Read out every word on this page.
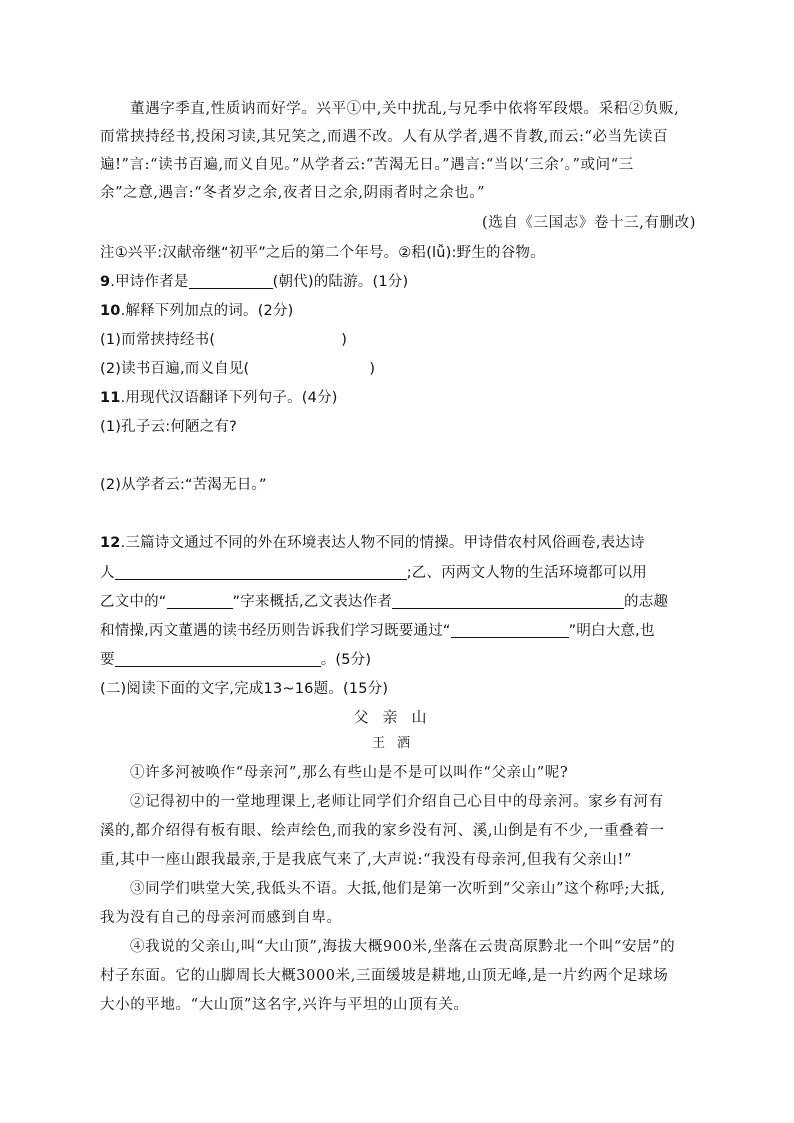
董遇字季直,性质讷而好学。兴平①中,关中扰乱,与兄季中依将军段煨。采稆②负贩,
而常挟持经书,投闲习读,其兄笑之,而遇不改。人有从学者,遇不肯教,而云:“必当先读百
遍!”言:“读书百遍,而义自见。”从学者云:“苦渴无日。”遇言:“当以‘三余’。”或问“三
余”之意,遇言:“冬者岁之余,夜者日之余,阴雨者时之余也。”
(选自《三国志》卷十三,有删改)
注①兴平:汉献帝继“初平”之后的第二个年号。②稆(lǚ):野生的谷物。
9.甲诗作者是	(朝代)的陆游。(1分)
10.解释下列加点的词。(2分)
(1)而常挟持经书(	)
(2)读书百遍,而义自见(	)
11.用现代汉语翻译下列句子。(4分)
(1)孔子云:何陋之有?
(2)从学者云:“苦渴无日。”
12.三篇诗文通过不同的外在环境表达人物不同的情操。甲诗借农村风俗画卷,表达诗
人	;乙、丙两文人物的生活环境都可以用
乙文中的“	”字来概括,乙文表达作者	的志趣
和情操,丙文董遇的读书经历则告诉我们学习既要通过“	”明白大意,也
要	。(5分)
(二)阅读下面的文字,完成13~16题。(15分)
父亲山
王洒
①许多河被唤作“母亲河”,那么有些山是不是可以叫作“父亲山”呢?
②记得初中的一堂地理课上,老师让同学们介绍自己心目中的母亲河。家乡有河有
溪的,都介绍得有板有眼、绘声绘色,而我的家乡没有河、溪,山倒是有不少,一重叠着一
重,其中一座山跟我最亲,于是我底气来了,大声说:“我没有母亲河,但我有父亲山!”
③同学们哄堂大笑,我低头不语。大抵,他们是第一次听到“父亲山”这个称呼;大抵,
我为没有自己的母亲河而感到自卑。
④我说的父亲山,叫“大山顶”,海拔大概900米,坐落在云贵高原黔北一个叫“安居”的
村子东面。它的山脚周长大概3000米,三面缓坡是耕地,山顶无峰,是一片约两个足球场
大小的平地。“大山顶”这名字,兴许与平坦的山顶有关。
